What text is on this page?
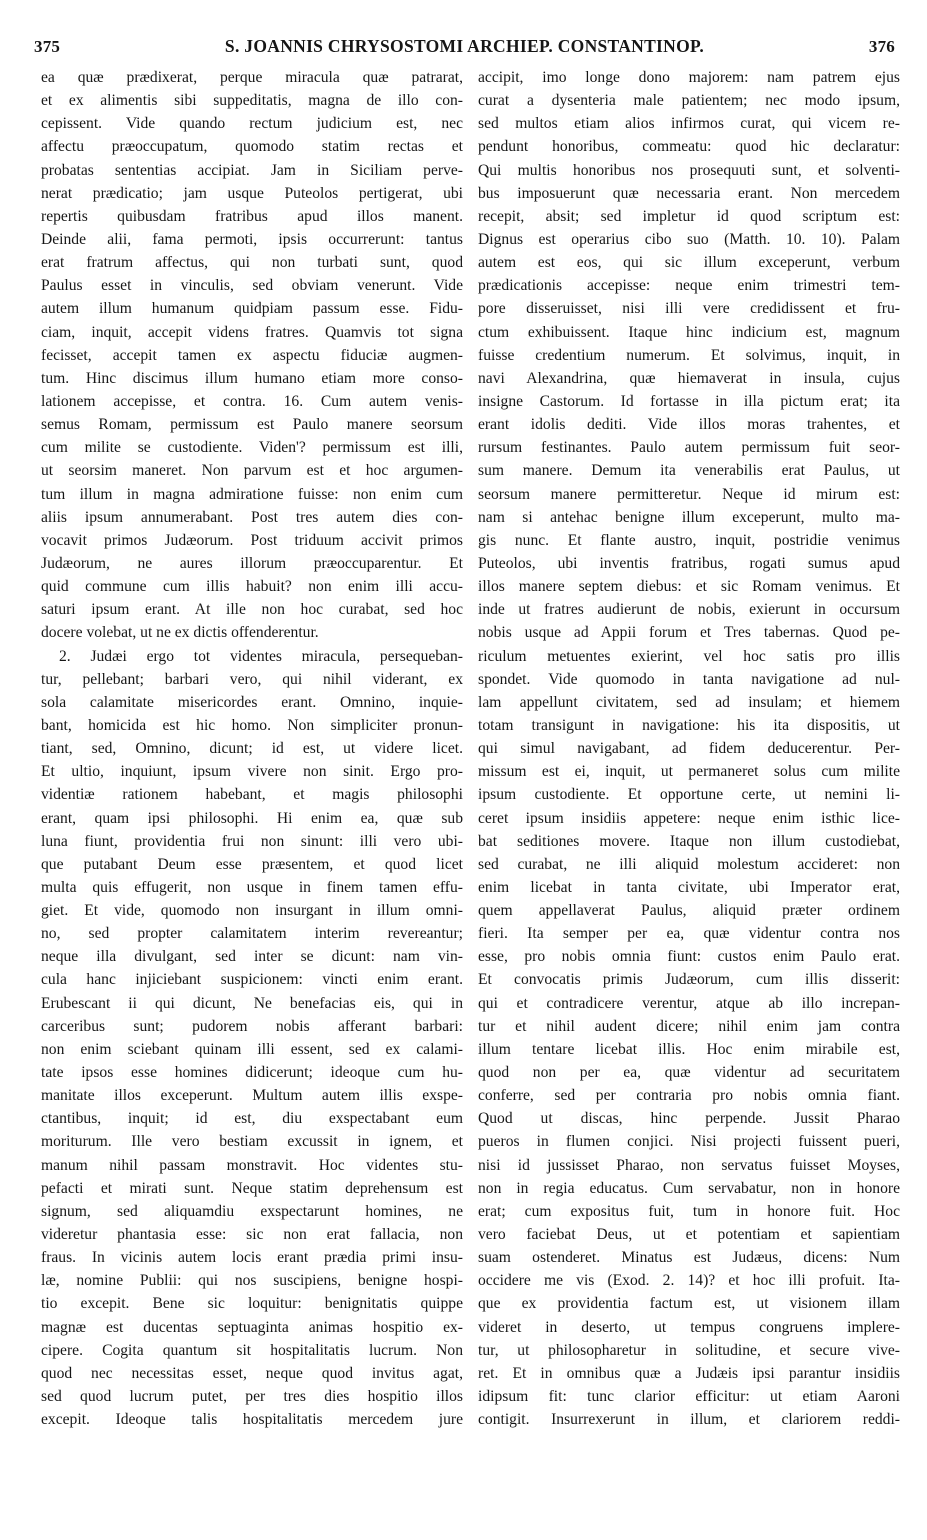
375	S. JOANNIS CHRYSOSTOMI ARCHIEP. CONSTANTINOP.	376
ea quæ prædixerat, perque miracula quæ patrarat,
et ex alimentis sibi suppeditatis, magna de illo con-
cepissent. Vide quando rectum judicium est, nec
affectu præoccupatum, quomodo statim rectas et
probatas sententias accipiat. Jam in Siciliam perve-
nerat prædicatio; jam usque Puteolos pertigerat, ubi
repertis quibusdam fratribus apud illos manent.
Deinde alii, fama permoti, ipsis occurrerunt: tantus
erat fratrum affectus, qui non turbati sunt, quod
Paulus esset in vinculis, sed obviam venerunt. Vide
autem illum humanum quidpiam passum esse. Fidu-
ciam, inquit, accepit videns fratres. Quamvis tot signa
fecisset, accepit tamen ex aspectu fiduciæ augmen-
tum. Hinc discimus illum humano etiam more conso-
lationem accepisse, et contra. 16. Cum autem venis-
semus Romam, permissum est Paulo manere seorsum
cum milite se custodiente. Viden'? permissum est illi,
ut seorsim maneret. Non parvum est et hoc argumen-
tum illum in magna admiratione fuisse: non enim cum
aliis ipsum annumerabant. Post tres autem dies con-
vocavit primos Judæorum. Post triduum accivit primos
Judæorum, ne aures illorum præoccuparentur. Et
quid commune cum illis habuit? non enim illi accu-
saturi ipsum erant. At ille non hoc curabat, sed hoc
docere volebat, ut ne ex dictis offenderentur.
2. Judæi ergo tot videntes miracula, persequeban-
tur, pellebant; barbari vero, qui nihil viderant, ex
sola calamitate misericordes erant. Omnino, inquie-
bant, homicida est hic homo. Non simpliciter pronun-
tiant, sed, Omnino, dicunt; id est, ut videre licet.
Et ultio, inquiunt, ipsum vivere non sinit. Ergo pro-
videntiæ rationem habebant, et magis philosophi
erant, quam ipsi philosophi. Hi enim ea, quæ sub
luna fiunt, providentia frui non sinunt: illi vero ubi-
que putabant Deum esse præsentem, et quod licet
multa quis effugerit, non usque in finem tamen effu-
giet. Et vide, quomodo non insurgant in illum omni-
no, sed propter calamitatem interim revereantur;
neque illa divulgant, sed inter se dicunt: nam vin-
cula hanc injiciebant suspicionem: vincti enim erant.
Erubescant ii qui dicunt, Ne benefacias eis, qui in
carceribus sunt; pudorem nobis afferant barbari:
non enim sciebant quinam illi essent, sed ex calami-
tate ipsos esse homines didicerunt; ideoque cum hu-
manitate illos exceperunt. Multum autem illis exspe-
ctantibus, inquit; id est, diu exspectabant eum
moriturum. Ille vero bestiam excussit in ignem, et
manum nihil passam monstravit. Hoc videntes stu-
pefacti et mirati sunt. Neque statim deprehensum est
signum, sed aliquamdiu exspectarunt homines, ne
videretur phantasia esse: sic non erat fallacia, non
fraus. In vicinis autem locis erant prædia primi insu-
læ, nomine Publii: qui nos suscipiens, benigne hospi-
tio excepit. Bene sic loquitur: benignitatis quippe
magnæ est ducentas septuaginta animas hospitio ex-
cipere. Cogita quantum sit hospitalitatis lucrum. Non
quod nec necessitas esset, neque quod invitus agat,
sed quod lucrum putet, per tres dies hospitio illos
excepit. Ideoque talis hospitalitatis mercedem jure
accipit, imo longe dono majorem: nam patrem ejus
curat a dysenteria male patientem; nec modo ipsum,
sed multos etiam alios infirmos curat, qui vicem re-
pendunt honoribus, commeatu: quod hic declaratur:
Qui multis honoribus nos prosequuti sunt, et solventi-
bus imposuerunt quæ necessaria erant. Non mercedem
recepit, absit; sed impletur id quod scriptum est:
Dignus est operarius cibo suo (Matth. 10. 10). Palam
autem est eos, qui sic illum exceperunt, verbum
prædicationis accepisse: neque enim trimestri tem-
pore disseruisset, nisi illi vere credidissent et fru-
ctum exhibuissent. Itaque hinc indicium est, magnum
fuisse credentium numerum. Et solvimus, inquit, in
navi Alexandrina, quæ hiemaverat in insula, cujus
insigne Castorum. Id fortasse in illa pictum erat; ita
erant idolis dediti. Vide illos moras trahentes, et
rursum festinantes. Paulo autem permissum fuit seor-
sum manere. Demum ita venerabilis erat Paulus, ut
seorsum manere permitteretur. Neque id mirum est:
nam si antehac benigne illum exceperunt, multo ma-
gis nunc. Et flante austro, inquit, postridie venimus
Puteolos, ubi inventis fratribus, rogati sumus apud
illos manere septem diebus: et sic Romam venimus. Et
inde ut fratres audierunt de nobis, exierunt in occursum
nobis usque ad Appii forum et Tres tabernas. Quod pe-
riculum metuentes exierint, vel hoc satis pro illis
spondet. Vide quomodo in tanta navigatione ad nul-
lam appellunt civitatem, sed ad insulam; et hiemem
totam transigunt in navigatione: his ita dispositis, ut
qui simul navigabant, ad fidem deducerentur. Per-
missum est ei, inquit, ut permaneret solus cum milite
ipsum custodiente. Et opportune certe, ut nemini li-
ceret ipsum insidiis appetere: neque enim isthic lice-
bat seditiones movere. Itaque non illum custodiebat,
sed curabat, ne illi aliquid molestum accideret: non
enim licebat in tanta civitate, ubi Imperator erat,
quem appellaverat Paulus, aliquid præter ordinem
fieri. Ita semper per ea, quæ videntur contra nos
esse, pro nobis omnia fiunt: custos enim Paulo erat.
Et convocatis primis Judæorum, cum illis disserit:
qui et contradicere verentur, atque ab illo increpan-
tur et nihil audent dicere; nihil enim jam contra
illum tentare licebat illis. Hoc enim mirabile est,
quod non per ea, quæ videntur ad securitatem
conferre, sed per contraria pro nobis omnia fiant.
Quod ut discas, hinc perpende. Jussit Pharao
pueros in flumen conjici. Nisi projecti fuissent pueri,
nisi id jussisset Pharao, non servatus fuisset Moyses,
non in regia educatus. Cum servabatur, non in honore
erat; cum expositus fuit, tum in honore fuit. Hoc
vero faciebat Deus, ut et potentiam et sapientiam
suam ostenderet. Minatus est Judæus, dicens: Num
occidere me vis (Exod. 2. 14)? et hoc illi profuit. Ita-
que ex providentia factum est, ut visionem illam
videret in deserto, ut tempus congruens implere-
tur, ut philosopharetur in solitudine, et secure vive-
ret. Et in omnibus quæ a Judæis ipsi parantur insidiis
idipsum fit: tunc clarior efficitur: ut etiam Aaroni
contigit. Insurrexerunt in illum, et clariorem reddi-
